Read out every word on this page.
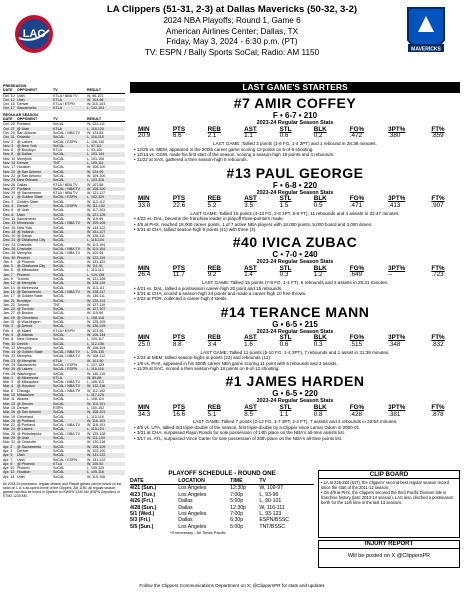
LAC
LA Clippers (51-31, 2-3) at Dallas Mavericks (50-32, 3-2)
2024 NBA Playoffs; Round 1, Game 6
American Airlines Center; Dallas, TX
Friday, May 3, 2024 - 6:30 p.m. (PT)
TV: ESPN / Bally Sports SoCal; Radio: AM 1150	MAVERICKS
PRESEASON
DATE	OPPONENT	TV	RESULT
Oct. 10 Utah	KTLA / NBA TV	W, 96-101
Oct. 12 Utah	KTLA	W, 103-98
Oct. 15 Denver	KTLA / ESPN	W, 110-103
Oct. 17 Sacramento	KTLA	L, 102-103
REGULAR SEASON
DATE	OPPONENT	TV	RESULT
Oct. 25 Portland	SoCAL	W, 123-111
Oct. 27 @ Utah	KTLA	L, 118-120
Oct. 29 San Antonio	SoCAL / NBA TV	W, 123-83
Oct. 31 Orlando	SoCAL	L, 116-118
Nov. 2	@ Lakers	SoCAL / ESPN	L, 106-130
Nov. 3	@ New York	SoCAL	L, 97-111
Nov. 6	@ Brooklyn	KTLA	L, 93-100
Nov. 8	@ Dallas	SoCAL	L, 103-144
Nov. 10 Memphis	SoCAL	L, 101-106
Nov. 14 Denver	TNT	L, 105-111
Nov. 17 Houston	SoCAL	W, 106-100
Nov. 20 @ San Antonio	SoCAL	W, 124-99
Nov. 22 @ San Antonio	SoCAL	W, 109-100
Nov. 24 New Orleans	SoCAL	L, 103-116
Nov. 26 Dallas	KTLA / NBA TV	W, 107-88
Nov. 27 Portland	SoCAL / NBA TV	W, 106-100
Nov. 29 @ Sacramento	KTLA / NBA TV	W, 121-117
Dec. 1	@ Golden State	SoCAL / ESPN	L, 102-120
Dec. 2	Golden State	SoCAL	W, 113-112
Dec. 4	Denver	SoCAL / ESPN	W, 111-102
Dec. 6	@ Utah	SoCAL	W, 117-103
Dec. 8	Utah	SoCAL	W, 121-105
Dec. 11 Sacramento	SoCAL	W, 119-99
Dec. 13 Minnesota	SoCAL / NBA TV	W, 109-105
Dec. 15 New York	SoCAL	W, 144-122
Dec. 18 @ Indiana	SoCAL	W, 151-127
Dec. 20 @ Dallas	SoCAL	W, 126-111
Dec. 21 @ Oklahoma City	SoCAL	L, 116-134
Dec. 23 Charlotte	SoCAL	W, 113-104
Dec. 26 Charlotte	SoCAL / NBA TV	W, 113-104
Dec. 28 Memphis	SoCAL / NBA TV	W, 100-94
Dec. 30 Phoenix	SoCAL	W, 122-119
Jan. 1	@ Phoenix	SoCAL	W, 131-122
Jan. 3	@ Oklahoma City	SoCAL	W, 111-91
Jan. 5	@ Milwaukee	SoCAL	L, 113-113
Jan. 7	Phoenix	SoCAL	L, 129-138
Jan. 9	Toronto	SoCAL	W, 121-108
Jan. 12 @ Memphis	SoCAL	W, 128-119
Jan. 14 @ Minnesota	SoCAL	W, 113-111
Jan. 16 @ Sacramento	SoCAL / NBA TV	W, 128-117
Jan. 17 @ Golden State	SoCAL	W, 130-111
Jan. 21 Brooklyn	SoCAL	W, 125-114
Jan. 22 Toronto	TNT	W, 127-119
Jan. 24 @ Toronto	SoCAL	W, 127-107
Jan. 27 @ Boston	SoCAL	W, 115-96
Jan. 29 @ Cleveland	SoCAL	L, 108-118
Jan. 31 @ Washington	SoCAL	W, 125-109
Feb. 2	@ Detroit	SoCAL	W, 136-125
Feb. 3	@ Miami	KTLA / ESPN	W, 103-95
Feb. 5	@ Atlanta	SoCAL	W, 106-144
Feb. 8	New Orleans	SoCAL	L, 109-117
Feb. 10 Detroit	SoCAL	L, 112-106
Feb. 12 Memphis	SoCAL	W, 106-104
Feb. 14 @ Golden State	SoCAL / NBA TV	L, 105-130
Feb. 22 Memphis	SoCAL / NBA TV	W, 108-112
Feb. 23 @ Memphis	KTLA	W, 101-90
Feb. 25 Sacramento	SoCAL / ESPN	L, 107-123
Feb. 26 @ Lakers	SoCAL / ESPN	L, 115-116
Feb. 28 Washington	SoCAL	W, 140-115
Mar. 1	@ Minnesota	KTLA	W, 89-88
Mar. 3	@ Milwaukee	SoCAL / NBA TV	L, 106-113
Mar. 4	@ Houston	SoCAL / NBA TV	W, 122-116
Mar. 6	Chicago	SoCAL / NBA TV	W, 112-102
Mar. 10 Milwaukee	SoCAL	L, 117-124
Mar. 11 Atlanta	SoCAL	L, 106-110
Mar. 13 @ Denver	SoCAL	W, 114-101
Mar. 15 Denver	ESPN	L, 100-102
Mar. 16 @ San Antonio	SoCAL	W, 108-101
Mar. 19 Cleveland	SoCAL	L, 110-118
Mar. 20 @ Portland	SoCAL	W, 116-103
Mar. 22 @ Portland	SoCAL / NBA TV	W, 118-101
Mar. 24 @ Lakers	SoCAL	L, 115-124
Mar. 25 @ Philadelphia	SoCAL / NBA TV	W, 125-108
Mar. 29 @ Utah	SoCAL	W, 111-104
Mar. 31 @ Charlotte	SoCAL	W, 130-118
Apr. 2	@ Sacramento	SoCAL	W, 105-109
Apr. 3	Denver	SoCAL	W, 102-100
Apr. 5	Utah	SoCAL	W, 131-122
Apr. 7	Utah	SoCAL / ESPN	W, 131-122
Apr. 9	@ Phoenix	KTLA	W, 105-92
Apr. 10 Phoenix	SoCAL	L, 105-125
Apr. 12 Houston	SoCAL	L, 105-116
Apr. 14 Utah	SoCAL	W, 110-106
All 2023-24 preseason, regular season and Playoff games can be heard on the radio on L.A.'s all-sports home of the Clippers, AM 1150. All regular season games can also be heard in Spanish on KWKW 1330 AM (ESPN Deportes) or KTMZ 1220 AM.
LAST GAME'S STARTERS
#7 AMIR COFFEY
F • 6-7 • 210
2023-24 Regular Season Stats
MIN	PTS	REB	AST	STL	BLK	FG%	3PT%	FT%
20.9	6.6	2.1	1.1	0.6	0.2	.472	.380	.859
LAST GAME: Tallied 3 points (1-6 FG, 1-4 3PT) and 1 rebound in 28:38 minutes.
• 12/29 vs. MEM, appeared in the 200th career game scoring 13 points on 5-of-6 shooting.
• 12/14 vs. GSW, made his first start of the season, scoring a season-high 18 points and 4 rebounds.
• 11/22 at SAS, gathered a then season-high 5 rebounds.
#13 PAUL GEORGE
F • 6-8 • 220
2023-24 Regular Season Stats
MIN	PTS	REB	AST	STL	BLK	FG%	3PT%	FT%
33.8	22.6	5.2	3.5	1.5	0.5	.471	.413	.907
LAST GAME: Tallied 15 points (4-13 FG, 2-8 3PT, 5-6 FT), 11 rebounds and 4 assists in 32:47 minutes.
• 4/23 vs. DAL, became the franchise leader in playoff three-pointers made.
• 4/9 at PHX, reached 18,000 career points, 1 of 7 active NBA players with 18,000 points, 5,000 board and 3,000 dimes.
• 3/31 at CHA, tallied season-high 9 points (41) with three (3).
#40 IVICA ZUBAC
C • 7-0 • 240
2023-24 Regular Season Stats
MIN	PTS	REB	AST	STL	BLK	FG%	3PT%	FT%
26.4	11.7	9.2	1.4	0.3	1.2	.649	--	.723
LAST GAME: Tallied 15 points (7-8 FG, 1-1 FT), 6 rebounds and 2 assists in 25:41 minutes.
• 4/21 vs. DAL, tallied a postseason career-high 20 point and 15 rebounds.
• 3/31 at CHA, scored a season-high 24 points and made a career-high 10 free throws.
• 3/23 at POR, collected a career-high 4 steals.
#14 TERANCE MANN
G • 6-5 • 215
2023-24 Regular Season Stats
MIN	PTS	REB	AST	STL	BLK	FG%	3PT%	FT%
25.0	8.8	3.4	1.6	0.6	0.3	.515	.348	.832
LAST GAME: Tallied 11 points (5-10 FG, 1-4 3PT), 7 rebounds and 1 assist in 31:39 minutes.
• 2/23 at MEM, tallied season-highs in points (23) and rebounds (12).
• 1/8 vs. PHX, appeared in his 300th career NBA game scoring 11 point with 5 rebounds and 3 assists.
• 11/29 at SAC, scored a then season-high 18 points on 8-of-12 shooting.
#1 JAMES HARDEN
G • 6-5 • 220
2023-24 Regular Season Stats
MIN	PTS	REB	AST	STL	BLK	FG%	3PT%	FT%
34.3	16.6	5.1	8.5	1.1	0.8	.428	.381	.878
LAST GAME: Tallied 7 points (2-12 FG, 1-7 3PT, 2-2 FT), 7 assists and 4 rebounds in 32:54 minutes.
• 4/5 vs. UTA, tallied 3rd triple-double of the season, first triple-double by a Clipper since Lamar Odom in 2000-01.
• 3/31 at CHA, surpassed Rajon Rondo for sole possession of 14th place on the NBA's all-time assists list.
• 3/17 vs. ATL, surpassed Vince Carter for sole possession of 20th place on the NBA's all-time points list.
PLAYOFF SCHEDULE - ROUND ONE
DATE	LOCATION	TIME	TV
4/21 (Sun.)	Los Angeles	12:30p	W, 109-97
4/23 (Tue.)	Los Angeles	7:00p	L, 93-96
4/26 (Fri.)	Dallas	5:00p	L, 90-101
4/28 (Sun.)	Dallas	12:30p	W, 116-111
5/1 (Wed.)	Los Angeles	7:00p	L, 93-123
5/3 (Fri.)	Dallas	6:30p	ESPN/BSSC
5/5 (Sun.)	Los Angeles	5:00p	TNT/BSSC
*If necessary - All Times Pacific			
CLIP BOARD
• LA at 226-284 (517), the Clippers' second-best regular season record since the start of the 2011-12 season.
• On 4/9 at PHX, the Clippers secured the third Pacific Division title in franchise history (last: 2013-14 season). LAC also clinched a postseason berth for the 11th time in the last 13 seasons.
INJURY REPORT
Will be posted on X @ClippersPR
Follow the Clippers Communications Department on X: @ClippersPR for stats and updates
